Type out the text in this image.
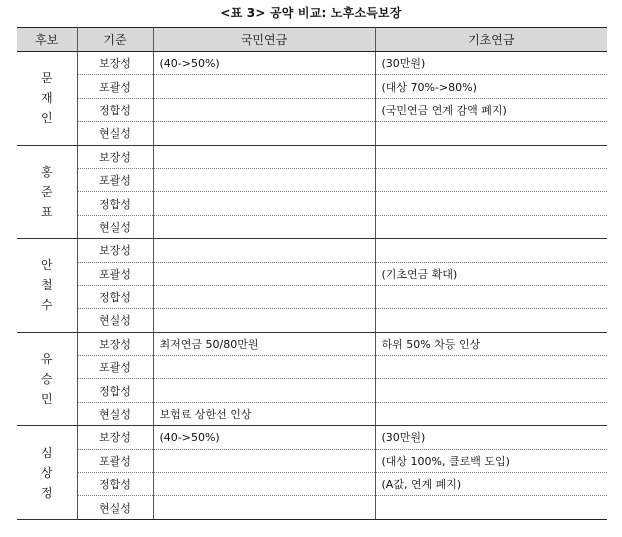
<표 3> 공약 비교: 노후소득보장
후보	기준	국민연금	기초연금

문
재
인	보장성	(40->50%)	(30만원)
	포괄성		(대상 70%->80%)
	정합성		(국민연금 연계 감액 폐지)
	현실성		

홍
준
표	보장성		
	포괄성		
	정합성		
	현실성		

안
철
수	보장성		
	포괄성		(기초연금 확대)
	정합성		
	현실성		

유
승
민	보장성	최저연금 50/80만원	하위 50% 차등 인상
	포괄성		
	정합성		
	현실성	보험료 상한선 인상	

심
상
정	보장성	(40->50%)	(30만원)
	포괄성		(대상 100%, 클로백 도입)
	정합성		(A값, 연계 폐지)
	현실성		
